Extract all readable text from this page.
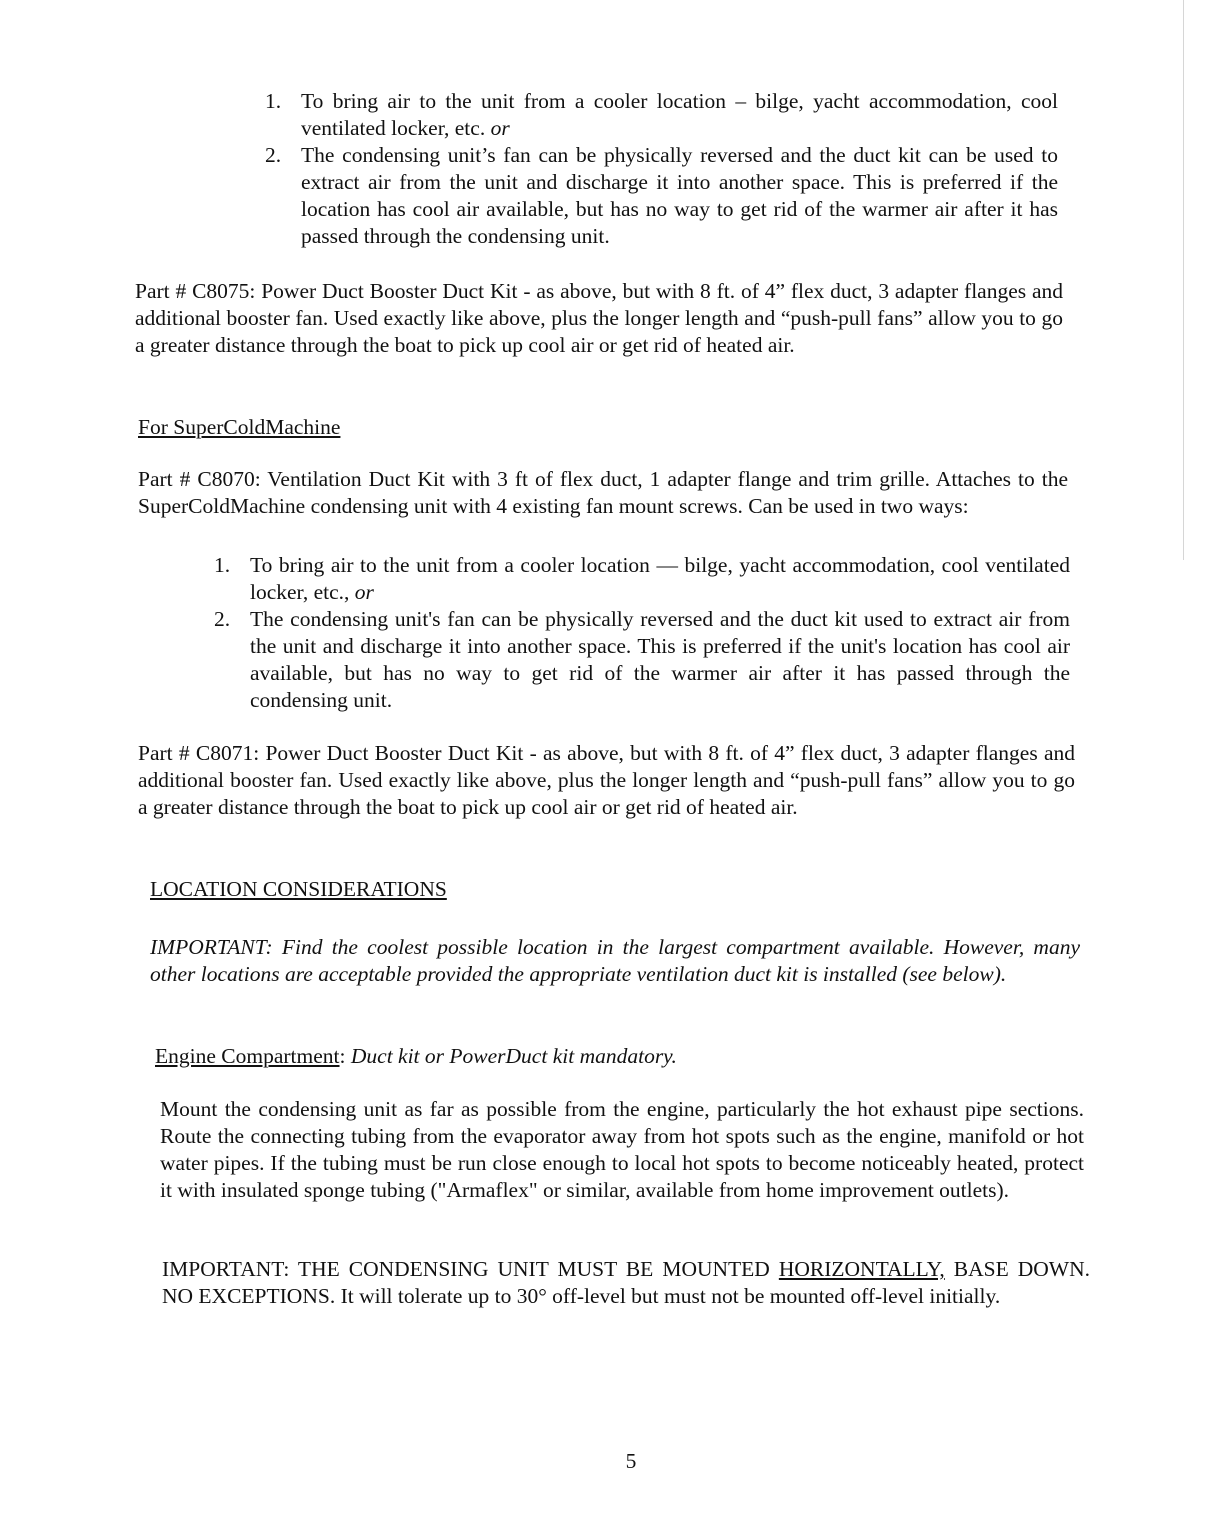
1. To bring air to the unit from a cooler location – bilge, yacht accommodation, cool ventilated locker, etc. or
2. The condensing unit’s fan can be physically reversed and the duct kit can be used to extract air from the unit and discharge it into another space. This is preferred if the location has cool air available, but has no way to get rid of the warmer air after it has passed through the condensing unit.

Part # C8075: Power Duct Booster Duct Kit - as above, but with 8 ft. of 4” flex duct, 3 adapter flanges and additional booster fan. Used exactly like above, plus the longer length and “push-pull fans” allow you to go a greater distance through the boat to pick up cool air or get rid of heated air.

For SuperColdMachine

Part # C8070: Ventilation Duct Kit with 3 ft of flex duct, 1 adapter flange and trim grille. Attaches to the SuperColdMachine condensing unit with 4 existing fan mount screws. Can be used in two ways:

1. To bring air to the unit from a cooler location — bilge, yacht accommodation, cool ventilated locker, etc., or
2. The condensing unit's fan can be physically reversed and the duct kit used to extract air from the unit and discharge it into another space. This is preferred if the unit's location has cool air available, but has no way to get rid of the warmer air after it has passed through the condensing unit.

Part # C8071: Power Duct Booster Duct Kit - as above, but with 8 ft. of 4” flex duct, 3 adapter flanges and additional booster fan. Used exactly like above, plus the longer length and “push-pull fans” allow you to go a greater distance through the boat to pick up cool air or get rid of heated air.

LOCATION CONSIDERATIONS

IMPORTANT: Find the coolest possible location in the largest compartment available. However, many other locations are acceptable provided the appropriate ventilation duct kit is installed (see below).

Engine Compartment: Duct kit or PowerDuct kit mandatory.

Mount the condensing unit as far as possible from the engine, particularly the hot exhaust pipe sections. Route the connecting tubing from the evaporator away from hot spots such as the engine, manifold or hot water pipes. If the tubing must be run close enough to local hot spots to become noticeably heated, protect it with insulated sponge tubing ("Armaflex" or similar, available from home improvement outlets).

IMPORTANT: THE CONDENSING UNIT MUST BE MOUNTED HORIZONTALLY, BASE DOWN. NO EXCEPTIONS. It will tolerate up to 30° off-level but must not be mounted off-level initially.

5
